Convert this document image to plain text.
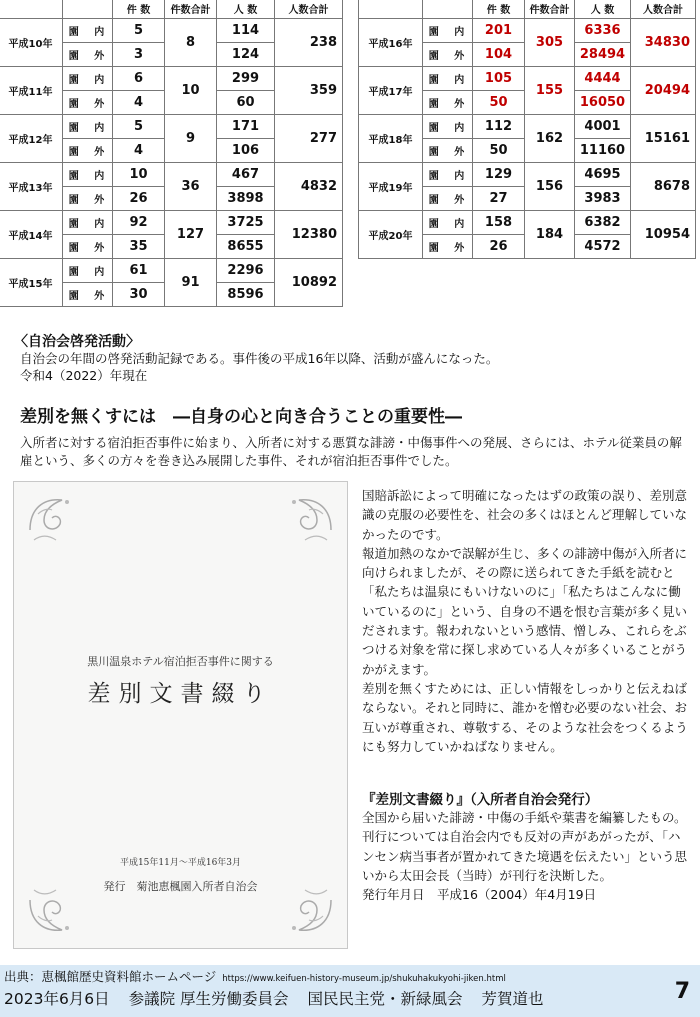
		件 数	件数合計	人 数	人数合計
平成10年	園 内	5	8	114	238
	園 外	3		124	
平成11年	園 内	6	10	299	359
	園 外	4		60	
平成12年	園 内	5	9	171	277
	園 外	4		106	
平成13年	園 内	10	36	467	4832
	園 外	26		3898	
平成14年	園 内	92	127	3725	12380
	園 外	35		8655	
平成15年	園 内	61	91	2296	10892
	園 外	30		8596	
		件 数	件数合計	人 数	人数合計
平成16年	園 内	201	305	6336	34830
	園 外	104		28494	
平成17年	園 内	105	155	4444	20494
	園 外	50		16050	
平成18年	園 内	112	162	4001	15161
	園 外	50		11160	
平成19年	園 内	129	156	4695	8678
	園 外	27		3983	
平成20年	園 内	158	184	6382	10954
	園 外	26		4572	
〈自治会啓発活動〉
自治会の年間の啓発活動記録である。事件後の平成16年以降、活動が盛んになった。
令和4（2022）年現在
差別を無くすには　―自身の心と向き合うことの重要性―
入所者に対する宿泊拒否事件に始まり、入所者に対する悪質な誹謗・中傷事件への発展、さらには、ホテル従業員の解雇という、多くの方々を巻き込み展開した事件、それが宿泊拒否事件でした。
黒川温泉ホテル宿泊拒否事件に関する
差別文書綴り
平成15年11月～平成16年3月
発行　菊池恵楓園入所者自治会

国賠訴訟によって明確になったはずの政策の誤り、差別意識の克服の必要性を、社会の多くはほとんど理解していなかったのです。

報道加熱のなかで誤解が生じ、多くの誹謗中傷が入所者に向けられましたが、その際に送られてきた手紙を読むと「私たちは温泉にもいけないのに」「私たちはこんなに働いているのに」という、自身の不遇を恨む言葉が多く見いだされます。報われないという感情、憎しみ、これらをぶつける対象を常に探し求めている人々が多くいることがうかがえます。

差別を無くすためには、正しい情報をしっかりと伝えねばならない。それと同時に、誰かを憎む必要のない社会、お互いが尊重され、尊敬する、そのような社会をつくるようにも努力していかねばなりません。

『差別文書綴り』（入所者自治会発行）

全国から届いた誹謗・中傷の手紙や葉書を編纂したもの。刊行については自治会内でも反対の声があがったが、「ハンセン病当事者が置かれてきた境遇を伝えたい」という思いから太田会長（当時）が刊行を決断した。

発行年月日　平成16（2004）年4月19日

出典：恵楓館歴史資料館ホームページ https://www.keifuen-history-museum.jp/shukuhakukyohi-jiken.html
2023年6月6日 参議院 厚生労働委員会 国民民主党・新緑風会 芳賀道也	7
